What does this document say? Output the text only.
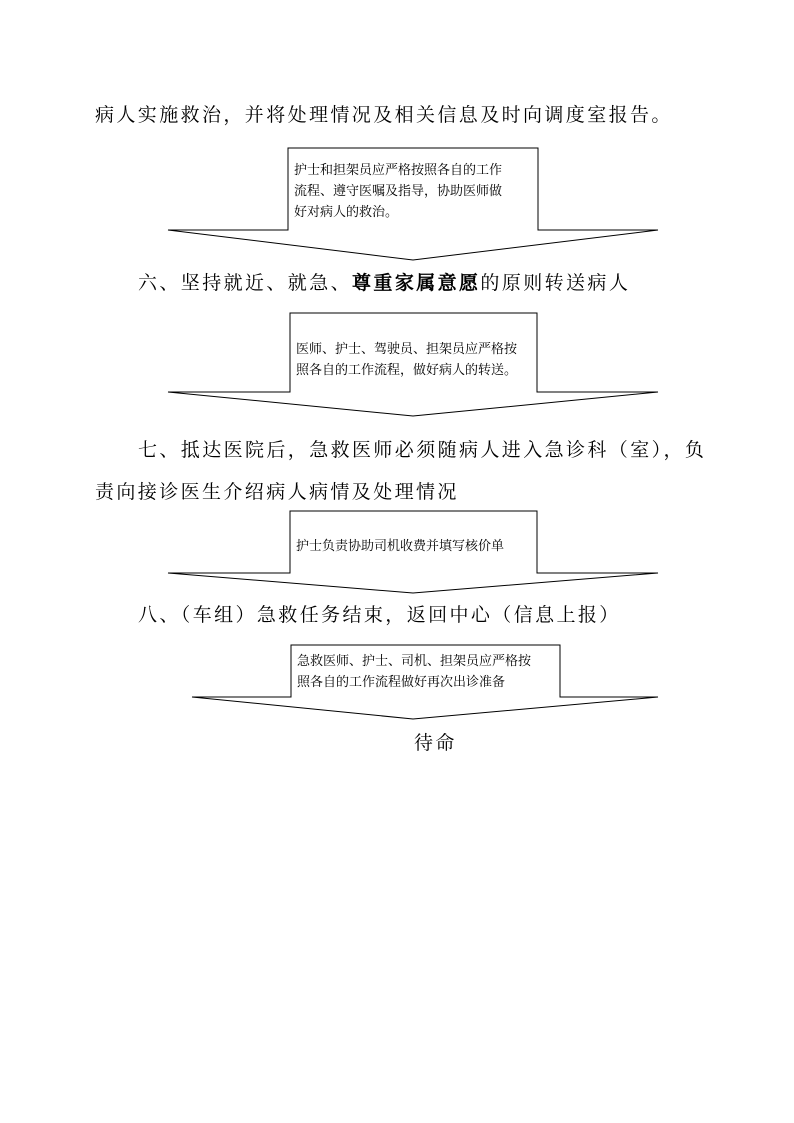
病人实施救治，并将处理情况及相关信息及时向调度室报告。
六、坚持就近、就急、尊重家属意愿的原则转送病人
七、抵达医院后，急救医师必须随病人进入急诊科（室），负
责向接诊医生介绍病人病情及处理情况
八、（车组）急救任务结束，返回中心（信息上报）
待命
护士和担架员应严格按照各自的工作
流程、遵守医嘱及指导，协助医师做
好对病人的救治。
医师、护士、驾驶员、担架员应严格按
照各自的工作流程，做好病人的转送。
护士负责协助司机收费并填写核价单
急救医师、护士、司机、担架员应严格按
照各自的工作流程做好再次出诊准备
